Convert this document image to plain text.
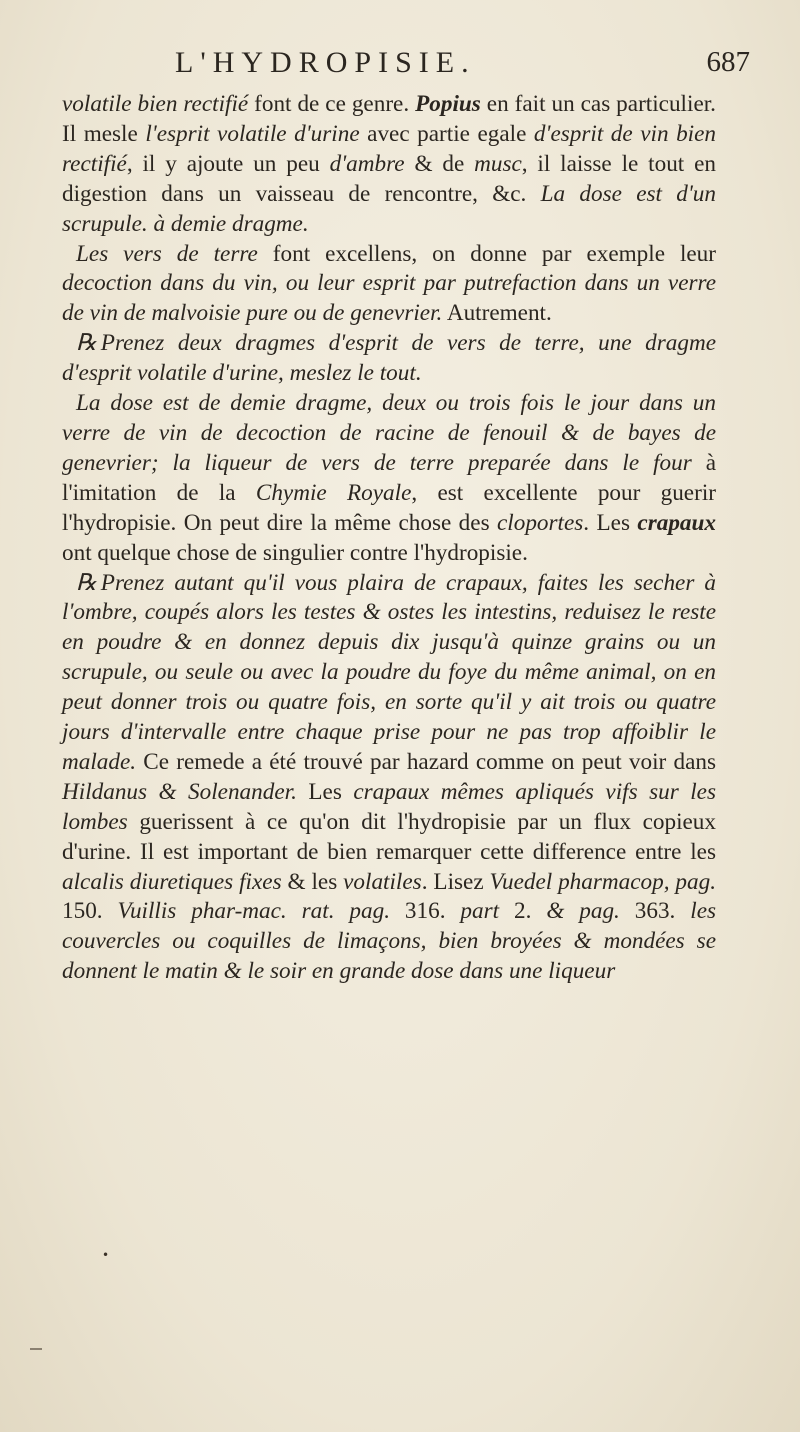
L'HYDROPISIE.	687

volatile bien rectifié font de ce genre. Popius en fait un cas particulier. Il mesle l'esprit volatile d'urine avec partie egale d'esprit de vin bien rectifié, il y ajoute un peu d'ambre & de musc, il laisse le tout en digestion dans un vaisseau de rencontre, &c. La dose est d'un scrupule. à demie dragme.

Les vers de terre font excellens, on donne par exemple leur decoction dans du vin, ou leur esprit par putrefaction dans un verre de vin de malvoisie pure ou de genevrier. Autrement.

℞ Prenez deux dragmes d'esprit de vers de terre, une dragme d'esprit volatile d'urine, meslez le tout.

La dose est de demie dragme, deux ou trois fois le jour dans un verre de vin de decoction de racine de fenouil & de bayes de genevrier; la liqueur de vers de terre preparée dans le four à l'imitation de la Chymie Royale, est excellente pour guerir l'hydropisie. On peut dire la même chose des cloportes. Les crapaux ont quelque chose de singulier contre l'hydropisie.

℞ Prenez autant qu'il vous plaira de crapaux, faites les secher à l'ombre, coupés alors les testes & ostes les intestins, reduisez le reste en poudre & en donnez depuis dix jusqu'à quinze grains ou un scrupule, ou seule ou avec la poudre du foye du même animal, on en peut donner trois ou quatre fois, en sorte qu'il y ait trois ou quatre jours d'intervalle entre chaque prise pour ne pas trop affoiblir le malade. Ce remede a été trouvé par hazard comme on peut voir dans Hildanus & Solenander. Les crapaux mêmes apliqués vifs sur les lombes guerissent à ce qu'on dit l'hydropisie par un flux copieux d'urine. Il est important de bien remarquer cette difference entre les alcalis diuretiques fixes & les volatiles. Lisez Vuedel pharmacop, pag. 150. Vuillis phar-mac. rat. pag. 316. part 2. & pag. 363. les couvercles ou coquilles de limaçons, bien broyées & mondées se donnent le matin & le soir en grande dose dans une liqueur

•
